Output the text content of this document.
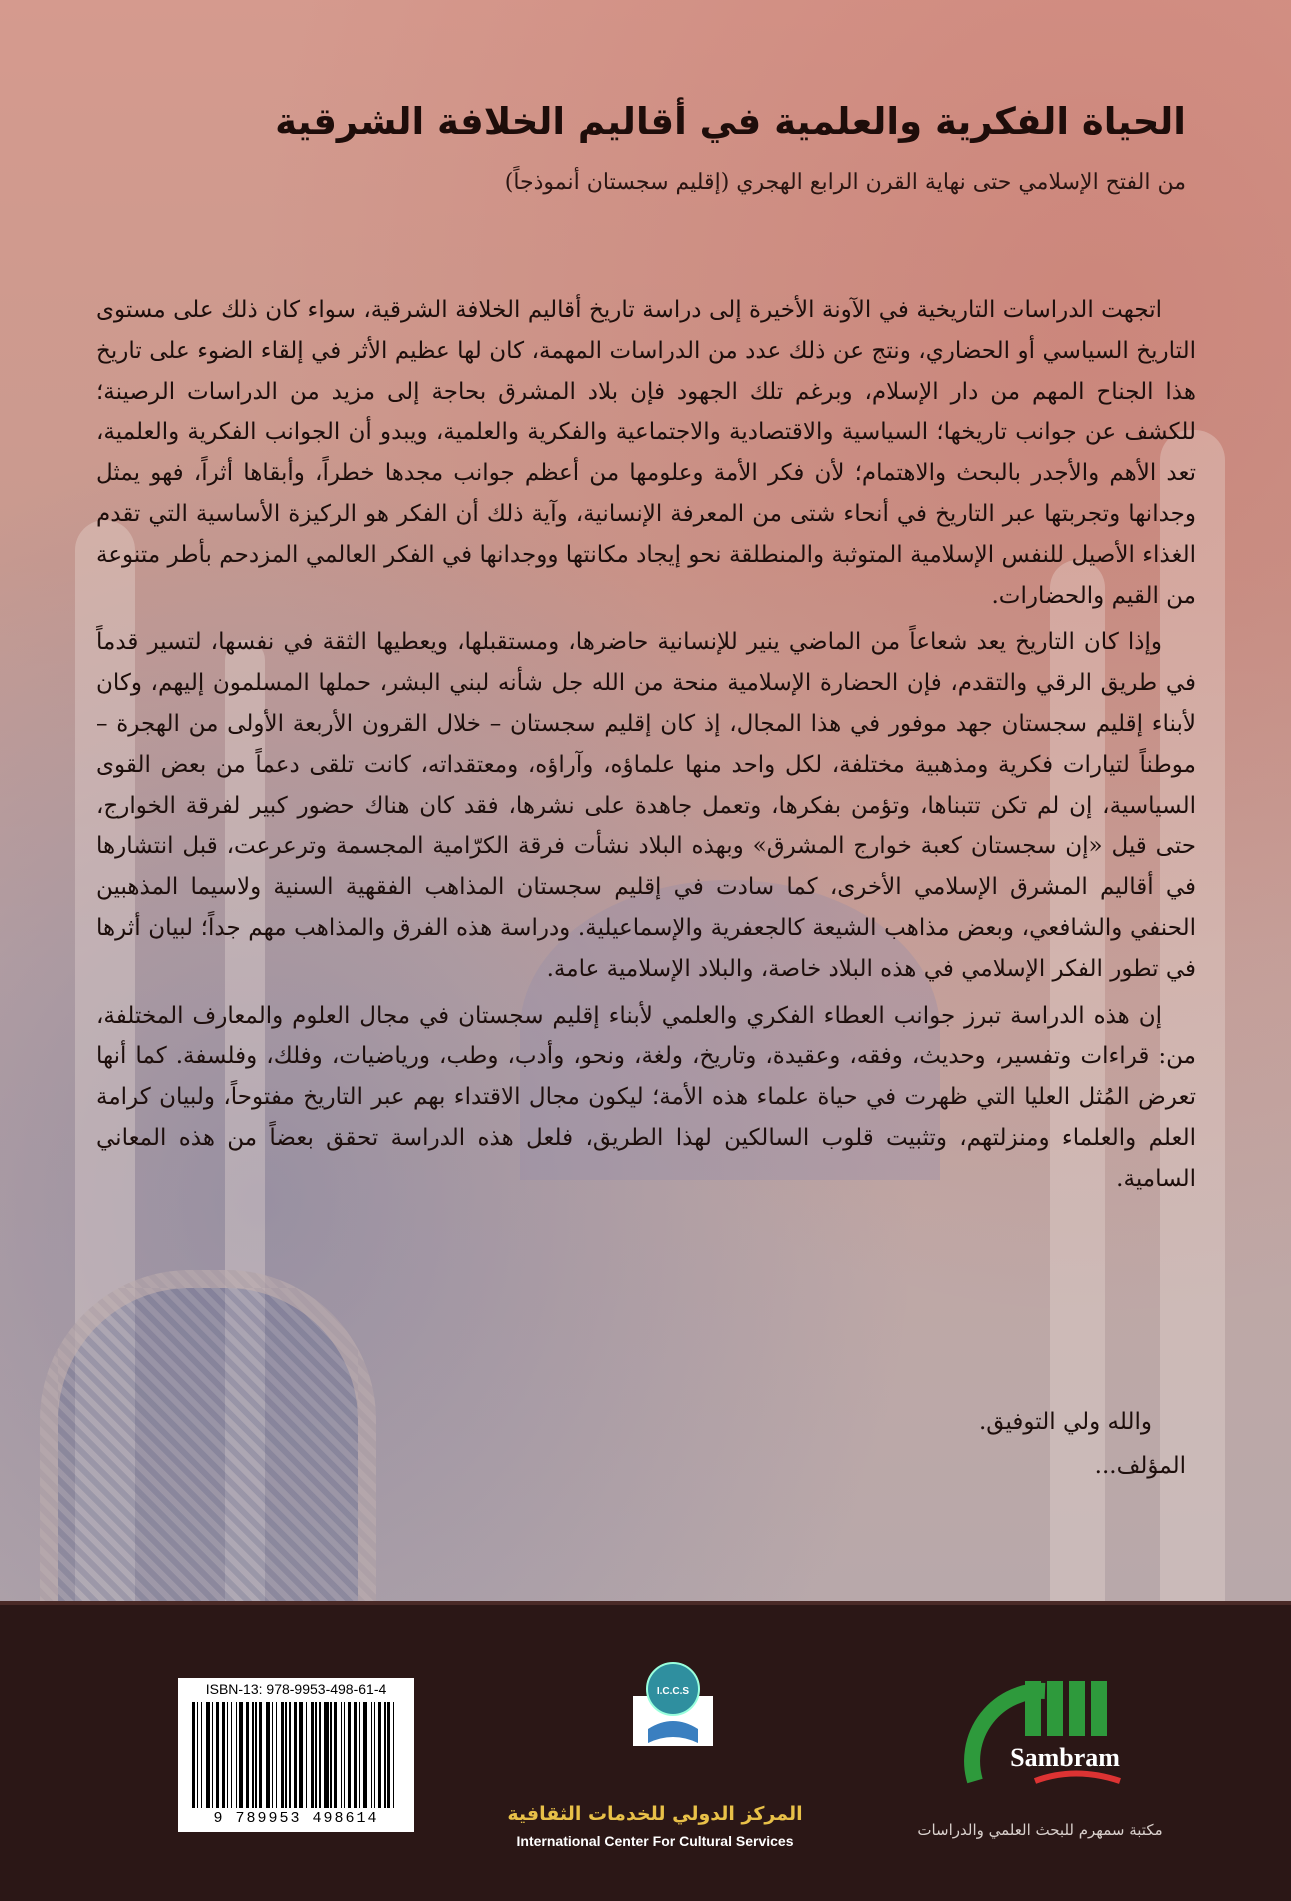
الحياة الفكرية والعلمية في أقاليم الخلافة الشرقية
من الفتح الإسلامي حتى نهاية القرن الرابع الهجري (إقليم سجستان أنموذجاً)

اتجهت الدراسات التاريخية في الآونة الأخيرة إلى دراسة تاريخ أقاليم الخلافة الشرقية، سواء كان ذلك على مستوى التاريخ السياسي أو الحضاري، ونتج عن ذلك عدد من الدراسات المهمة، كان لها عظيم الأثر في إلقاء الضوء على تاريخ هذا الجناح المهم من دار الإسلام، وبرغم تلك الجهود فإن بلاد المشرق بحاجة إلى مزيد من الدراسات الرصينة؛ للكشف عن جوانب تاريخها؛ السياسية والاقتصادية والاجتماعية والفكرية والعلمية، ويبدو أن الجوانب الفكرية والعلمية، تعد الأهم والأجدر بالبحث والاهتمام؛ لأن فكر الأمة وعلومها من أعظم جوانب مجدها خطراً، وأبقاها أثراً، فهو يمثل وجدانها وتجربتها عبر التاريخ في أنحاء شتى من المعرفة الإنسانية، وآية ذلك أن الفكر هو الركيزة الأساسية التي تقدم الغذاء الأصيل للنفس الإسلامية المتوثبة والمنطلقة نحو إيجاد مكانتها ووجدانها في الفكر العالمي المزدحم بأطر متنوعة من القيم والحضارات.

وإذا كان التاريخ يعد شعاعاً من الماضي ينير للإنسانية حاضرها، ومستقبلها، ويعطيها الثقة في نفسها، لتسير قدماً في طريق الرقي والتقدم، فإن الحضارة الإسلامية منحة من الله جل شأنه لبني البشر، حملها المسلمون إليهم، وكان لأبناء إقليم سجستان جهد موفور في هذا المجال، إذ كان إقليم سجستان – خلال القرون الأربعة الأولى من الهجرة – موطناً لتيارات فكرية ومذهبية مختلفة، لكل واحد منها علماؤه، وآراؤه، ومعتقداته، كانت تلقى دعماً من بعض القوى السياسية، إن لم تكن تتبناها، وتؤمن بفكرها، وتعمل جاهدة على نشرها، فقد كان هناك حضور كبير لفرقة الخوارج، حتى قيل «إن سجستان كعبة خوارج المشرق» وبهذه البلاد نشأت فرقة الكرّامية المجسمة وترعرعت، قبل انتشارها في أقاليم المشرق الإسلامي الأخرى، كما سادت في إقليم سجستان المذاهب الفقهية السنية ولاسيما المذهبين الحنفي والشافعي، وبعض مذاهب الشيعة كالجعفرية والإسماعيلية. ودراسة هذه الفرق والمذاهب مهم جداً؛ لبيان أثرها في تطور الفكر الإسلامي في هذه البلاد خاصة، والبلاد الإسلامية عامة.

إن هذه الدراسة تبرز جوانب العطاء الفكري والعلمي لأبناء إقليم سجستان في مجال العلوم والمعارف المختلفة، من: قراءات وتفسير، وحديث، وفقه، وعقيدة، وتاريخ، ولغة، ونحو، وأدب، وطب، ورياضيات، وفلك، وفلسفة. كما أنها تعرض المُثل العليا التي ظهرت في حياة علماء هذه الأمة؛ ليكون مجال الاقتداء بهم عبر التاريخ مفتوحاً، ولبيان كرامة العلم والعلماء ومنزلتهم، وتثبيت قلوب السالكين لهذا الطريق، فلعل هذه الدراسة تحقق بعضاً من هذه المعاني السامية.

والله ولي التوفيق.
المؤلف...
ISBN-13: 978-9953-498-61-4
9 789953 498614
I.C.C.S
المركز الدولي للخدمات الثقافية
International Center For Cultural Services
Sambram
مكتبة سمهرم للبحث العلمي والدراسات
